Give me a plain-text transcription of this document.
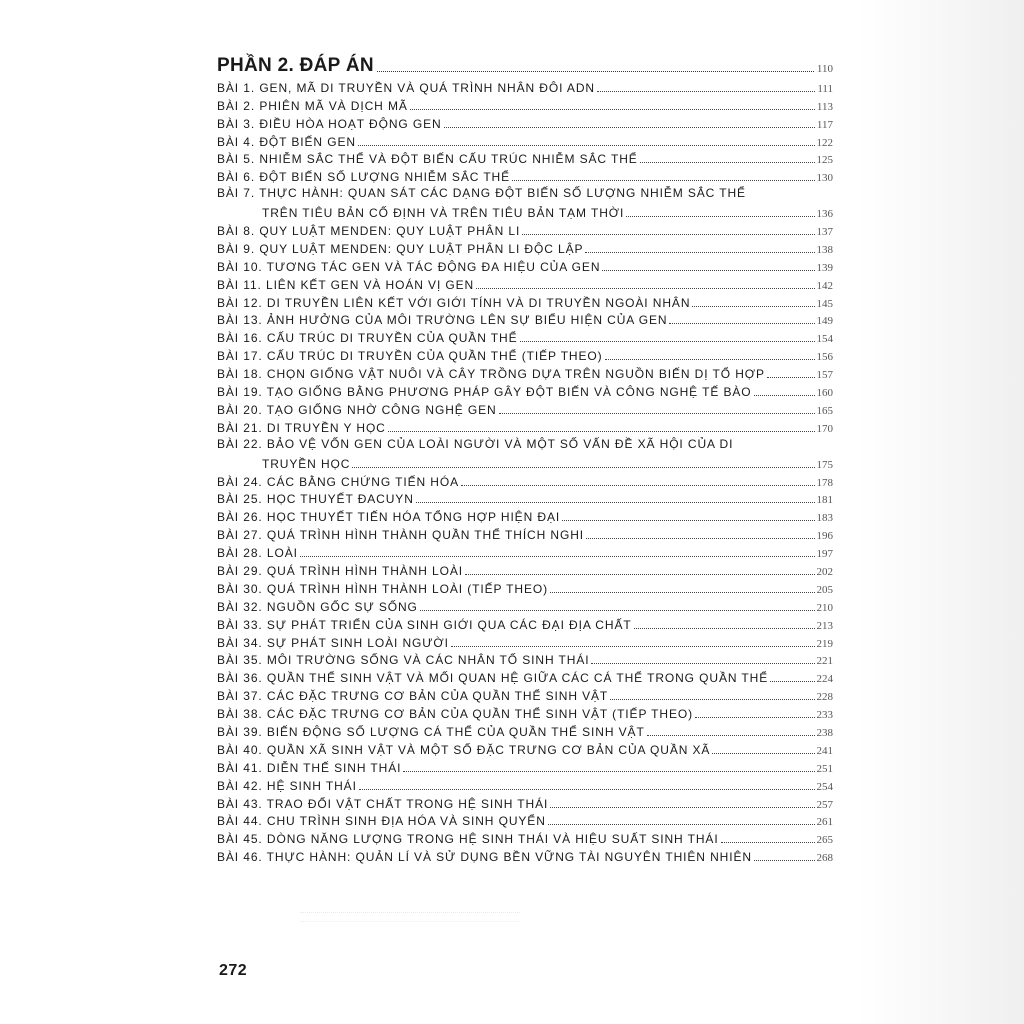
PHẦN 2. ĐÁP ÁN	110
BÀI 1. GEN, MÃ DI TRUYỀN VÀ QUÁ TRÌNH NHÂN ĐÔI ADN	111
BÀI 2. PHIÊN MÃ VÀ DỊCH MÃ	113
BÀI 3. ĐIỀU HÒA HOẠT ĐỘNG GEN	117
BÀI 4. ĐỘT BIẾN GEN	122
BÀI 5. NHIỄM SẮC THỂ VÀ ĐỘT BIẾN CẤU TRÚC NHIỄM SẮC THỂ	125
BÀI 6. ĐỘT BIẾN SỐ LƯỢNG NHIỄM SẮC THỂ	130
BÀI 7. THỰC HÀNH: QUAN SÁT CÁC DẠNG ĐỘT BIẾN SỐ LƯỢNG NHIỄM SẮC THỂ
TRÊN TIÊU BẢN CỐ ĐỊNH VÀ TRÊN TIÊU BẢN TẠM THỜI	136
BÀI 8. QUY LUẬT MENDEN: QUY LUẬT PHÂN LI	137
BÀI 9. QUY LUẬT MENDEN: QUY LUẬT PHÂN LI ĐỘC LẬP	138
BÀI 10. TƯƠNG TÁC GEN VÀ TÁC ĐỘNG ĐA HIỆU CỦA GEN	139
BÀI 11. LIÊN KẾT GEN VÀ HOÁN VỊ GEN	142
BÀI 12. DI TRUYỀN LIÊN KẾT VỚI GIỚI TÍNH VÀ DI TRUYỀN NGOÀI NHÂN	145
BÀI 13. ẢNH HƯỞNG CỦA MÔI TRƯỜNG LÊN SỰ BIỂU HIỆN CỦA GEN	149
BÀI 16. CẤU TRÚC DI TRUYỀN CỦA QUẦN THỂ	154
BÀI 17. CẤU TRÚC DI TRUYỀN CỦA QUẦN THỂ (TIẾP THEO)	156
BÀI 18. CHỌN GIỐNG VẬT NUÔI VÀ CÂY TRỒNG DỰA TRÊN NGUỒN BIẾN DỊ TỔ HỢP	157
BÀI 19. TẠO GIỐNG BẰNG PHƯƠNG PHÁP GÂY ĐỘT BIẾN VÀ CÔNG NGHỆ TẾ BÀO	160
BÀI 20. TẠO GIỐNG NHỜ CÔNG NGHỆ GEN	165
BÀI 21. DI TRUYỀN Y HỌC	170
BÀI 22. BẢO VỆ VỐN GEN CỦA LOÀI NGƯỜI VÀ MỘT SỐ VẤN ĐỀ XÃ HỘI CỦA DI
TRUYỀN HỌC	175
BÀI 24. CÁC BẰNG CHỨNG TIẾN HÓA	178
BÀI 25. HỌC THUYẾT ĐACUYN	181
BÀI 26. HỌC THUYẾT TIẾN HÓA TỔNG HỢP HIỆN ĐẠI	183
BÀI 27. QUÁ TRÌNH HÌNH THÀNH QUẦN THỂ THÍCH NGHI	196
BÀI 28. LOÀI	197
BÀI 29. QUÁ TRÌNH HÌNH THÀNH LOÀI	202
BÀI 30. QUÁ TRÌNH HÌNH THÀNH LOÀI (TIẾP THEO)	205
BÀI 32. NGUỒN GỐC SỰ SỐNG	210
BÀI 33. SỰ PHÁT TRIỂN CỦA SINH GIỚI QUA CÁC ĐẠI ĐỊA CHẤT	213
BÀI 34. SỰ PHÁT SINH LOÀI NGƯỜI	219
BÀI 35. MÔI TRƯỜNG SỐNG VÀ CÁC NHÂN TỐ SINH THÁI	221
BÀI 36. QUẦN THỂ SINH VẬT VÀ MỐI QUAN HỆ GIỮA CÁC CÁ THỂ TRONG QUẦN THỂ	224
BÀI 37. CÁC ĐẶC TRƯNG CƠ BẢN CỦA QUẦN THỂ SINH VẬT	228
BÀI 38. CÁC ĐẶC TRƯNG CƠ BẢN CỦA QUẦN THỂ SINH VẬT (TIẾP THEO)	233
BÀI 39. BIẾN ĐỘNG SỐ LƯỢNG CÁ THỂ CỦA QUẦN THỂ SINH VẬT	238
BÀI 40. QUẦN XÃ SINH VẬT VÀ MỘT SỐ ĐẶC TRƯNG CƠ BẢN CỦA QUẦN XÃ	241
BÀI 41. DIỄN THẾ SINH THÁI	251
BÀI 42. HỆ SINH THÁI	254
BÀI 43. TRAO ĐỔI VẬT CHẤT TRONG HỆ SINH THÁI	257
BÀI 44. CHU TRÌNH SINH ĐỊA HÓA VÀ SINH QUYỂN	261
BÀI 45. DÒNG NĂNG LƯỢNG TRONG HỆ SINH THÁI VÀ HIỆU SUẤT SINH THÁI	265
BÀI 46. THỰC HÀNH: QUẢN LÍ VÀ SỬ DỤNG BỀN VỮNG TÀI NGUYÊN THIÊN NHIÊN	268
272
